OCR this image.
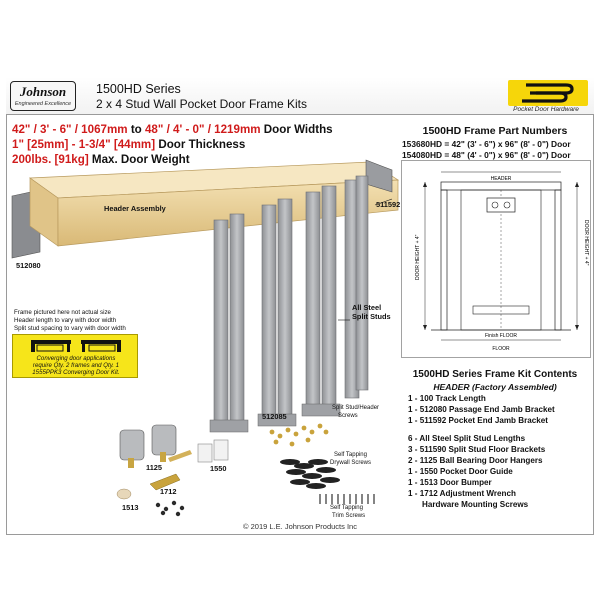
Johnson
Engineered Excellence
1500HD Series
2 x 4 Stud Wall Pocket Door Frame Kits	Pocket Door Hardware
42" / 3' - 6" / 1067mm to 48" / 4' - 0" / 1219mm Door Widths
1" [25mm] - 1-3/4" [44mm] Door Thickness
200lbs. [91kg] Max. Door Weight
1500HD Frame Part Numbers
153680HD = 42" (3' - 6") x 96" (8' - 0") Door
154080HD = 48" (4' - 0") x 96" (8' - 0") Door
Header Assembly
512080
511592
All Steel
Split Studs
512085
1125	1550
1712
1513
Split Stud/Header
Screws
Self Tapping
Drywall Screws
Self Tapping
Trim Screws
Frame pictured here not actual size
Header length to vary with door width
Split stud spacing to vary with door width
Converging door applications
require Qty. 2 frames and Qty. 1
1555PPK3 Converging Door Kit.
DOOR HEIGHT + 4"	DOOR HEIGHT + 4"
HEADER
Finish FLOOR
FLOOR
1500HD Series Frame Kit Contents
HEADER (Factory Assembled)
1 - 100 Track Length
1 - 512080 Passage End Jamb Bracket
1 - 511592 Pocket End Jamb Bracket
6 - All Steel Split Stud Lengths
3 - 511590 Split Stud Floor Brackets
2 - 1125 Ball Bearing Door Hangers
1 - 1550 Pocket Door Guide
1 - 1513 Door Bumper
1 - 1712 Adjustment Wrench
Hardware Mounting Screws
© 2019 L.E. Johnson Products Inc
